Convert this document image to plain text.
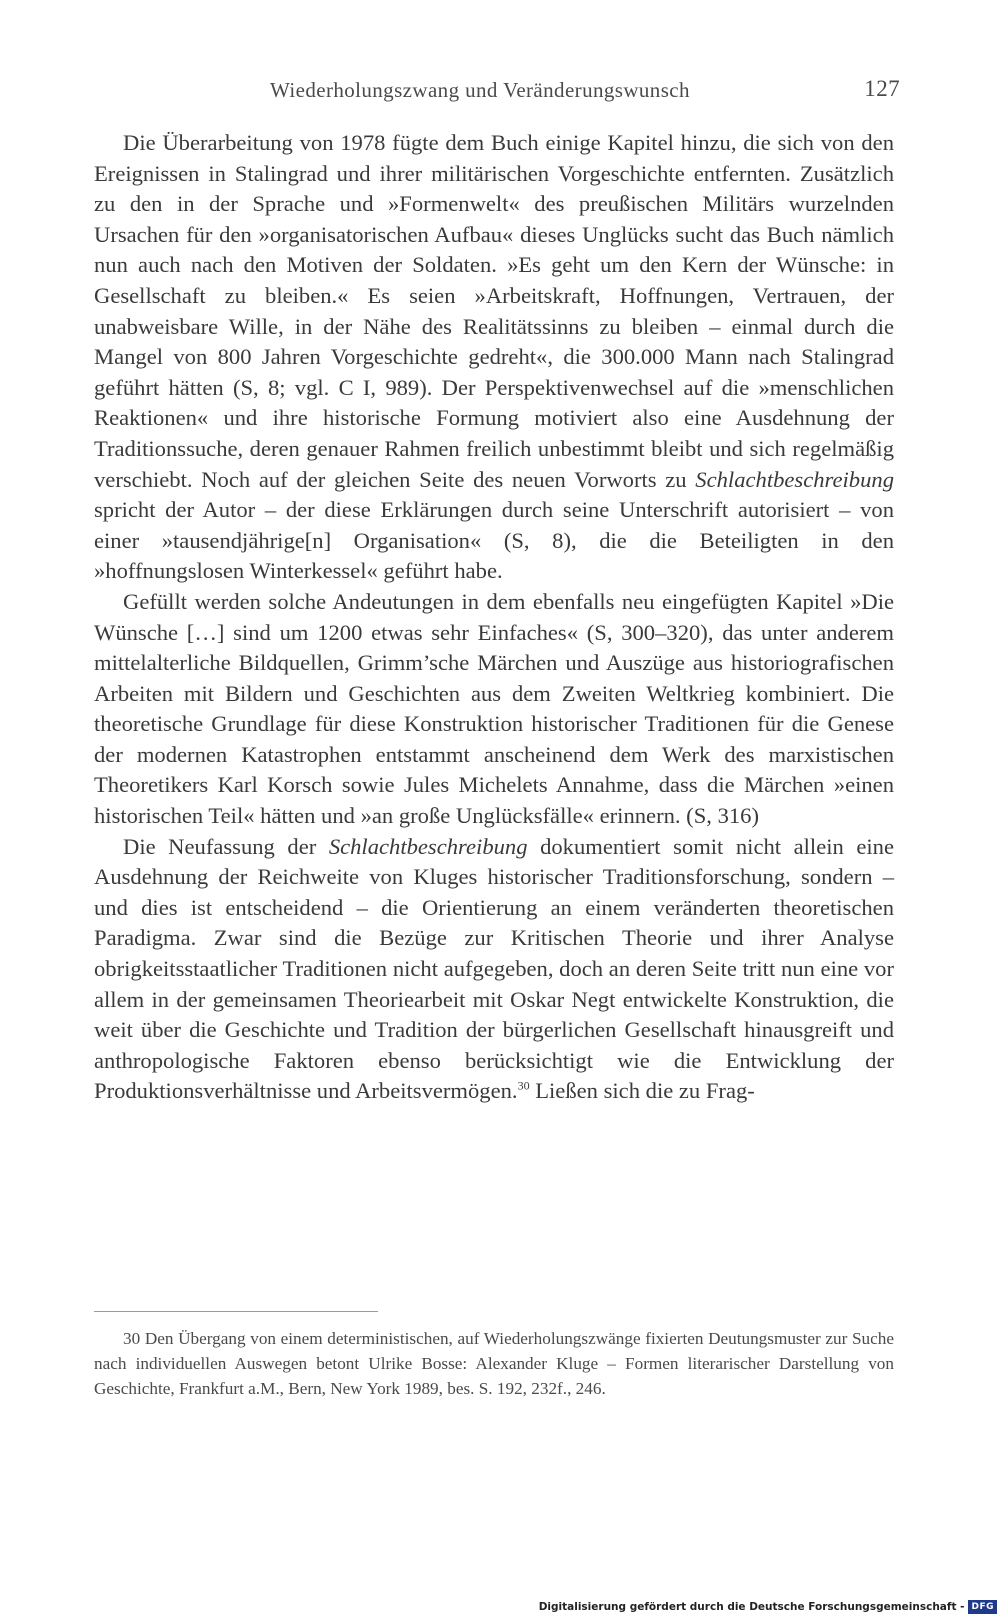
Wiederholungszwang und Veränderungswunsch	127

Die Überarbeitung von 1978 fügte dem Buch einige Kapitel hinzu, die sich von den Ereignissen in Stalingrad und ihrer militärischen Vorgeschichte entfernten. Zusätzlich zu den in der Sprache und »Formenwelt« des preußischen Militärs wurzelnden Ursachen für den »organisatorischen Aufbau« dieses Unglücks sucht das Buch nämlich nun auch nach den Motiven der Soldaten. »Es geht um den Kern der Wünsche: in Gesellschaft zu bleiben.« Es seien »Arbeitskraft, Hoffnungen, Vertrauen, der unabweisbare Wille, in der Nähe des Realitätssinns zu bleiben – einmal durch die Mangel von 800 Jahren Vorgeschichte gedreht«, die 300.000 Mann nach Stalingrad geführt hätten (S, 8; vgl. C I, 989). Der Perspektivenwechsel auf die »menschlichen Reaktionen« und ihre historische Formung motiviert also eine Ausdehnung der Traditionssuche, deren genauer Rahmen freilich unbestimmt bleibt und sich regelmäßig verschiebt. Noch auf der gleichen Seite des neuen Vorworts zu Schlachtbeschreibung spricht der Autor – der diese Erklärungen durch seine Unterschrift autorisiert – von einer »tausendjährige[n] Organisation« (S, 8), die die Beteiligten in den »hoffnungslosen Winterkessel« geführt habe.

Gefüllt werden solche Andeutungen in dem ebenfalls neu eingefügten Kapitel »Die Wünsche […] sind um 1200 etwas sehr Einfaches« (S, 300–320), das unter anderem mittelalterliche Bildquellen, Grimm’sche Märchen und Auszüge aus historiografischen Arbeiten mit Bildern und Geschichten aus dem Zweiten Weltkrieg kombiniert. Die theoretische Grundlage für diese Konstruktion historischer Traditionen für die Genese der modernen Katastrophen entstammt anscheinend dem Werk des marxistischen Theoretikers Karl Korsch sowie Jules Michelets Annahme, dass die Märchen »einen historischen Teil« hätten und »an große Unglücksfälle« erinnern. (S, 316)

Die Neufassung der Schlachtbeschreibung dokumentiert somit nicht allein eine Ausdehnung der Reichweite von Kluges historischer Traditionsforschung, sondern – und dies ist entscheidend – die Orientierung an einem veränderten theoretischen Paradigma. Zwar sind die Bezüge zur Kritischen Theorie und ihrer Analyse obrigkeitsstaatlicher Traditionen nicht aufgegeben, doch an deren Seite tritt nun eine vor allem in der gemeinsamen Theoriearbeit mit Oskar Negt entwickelte Konstruktion, die weit über die Geschichte und Tradition der bürgerlichen Gesellschaft hinausgreift und anthropologische Faktoren ebenso berücksichtigt wie die Entwicklung der Produktionsverhältnisse und Arbeitsvermögen.$^{30}$ Ließen sich die zu Frag-

30 Den Übergang von einem deterministischen, auf Wiederholungszwänge fixierten Deutungsmuster zur Suche nach individuellen Auswegen betont Ulrike Bosse: Alexander Kluge – Formen literarischer Darstellung von Geschichte, Frankfurt a.M., Bern, New York 1989, bes. S. 192, 232f., 246.

Digitalisierung gefördert durch die Deutsche Forschungsgemeinschaft - DFG
